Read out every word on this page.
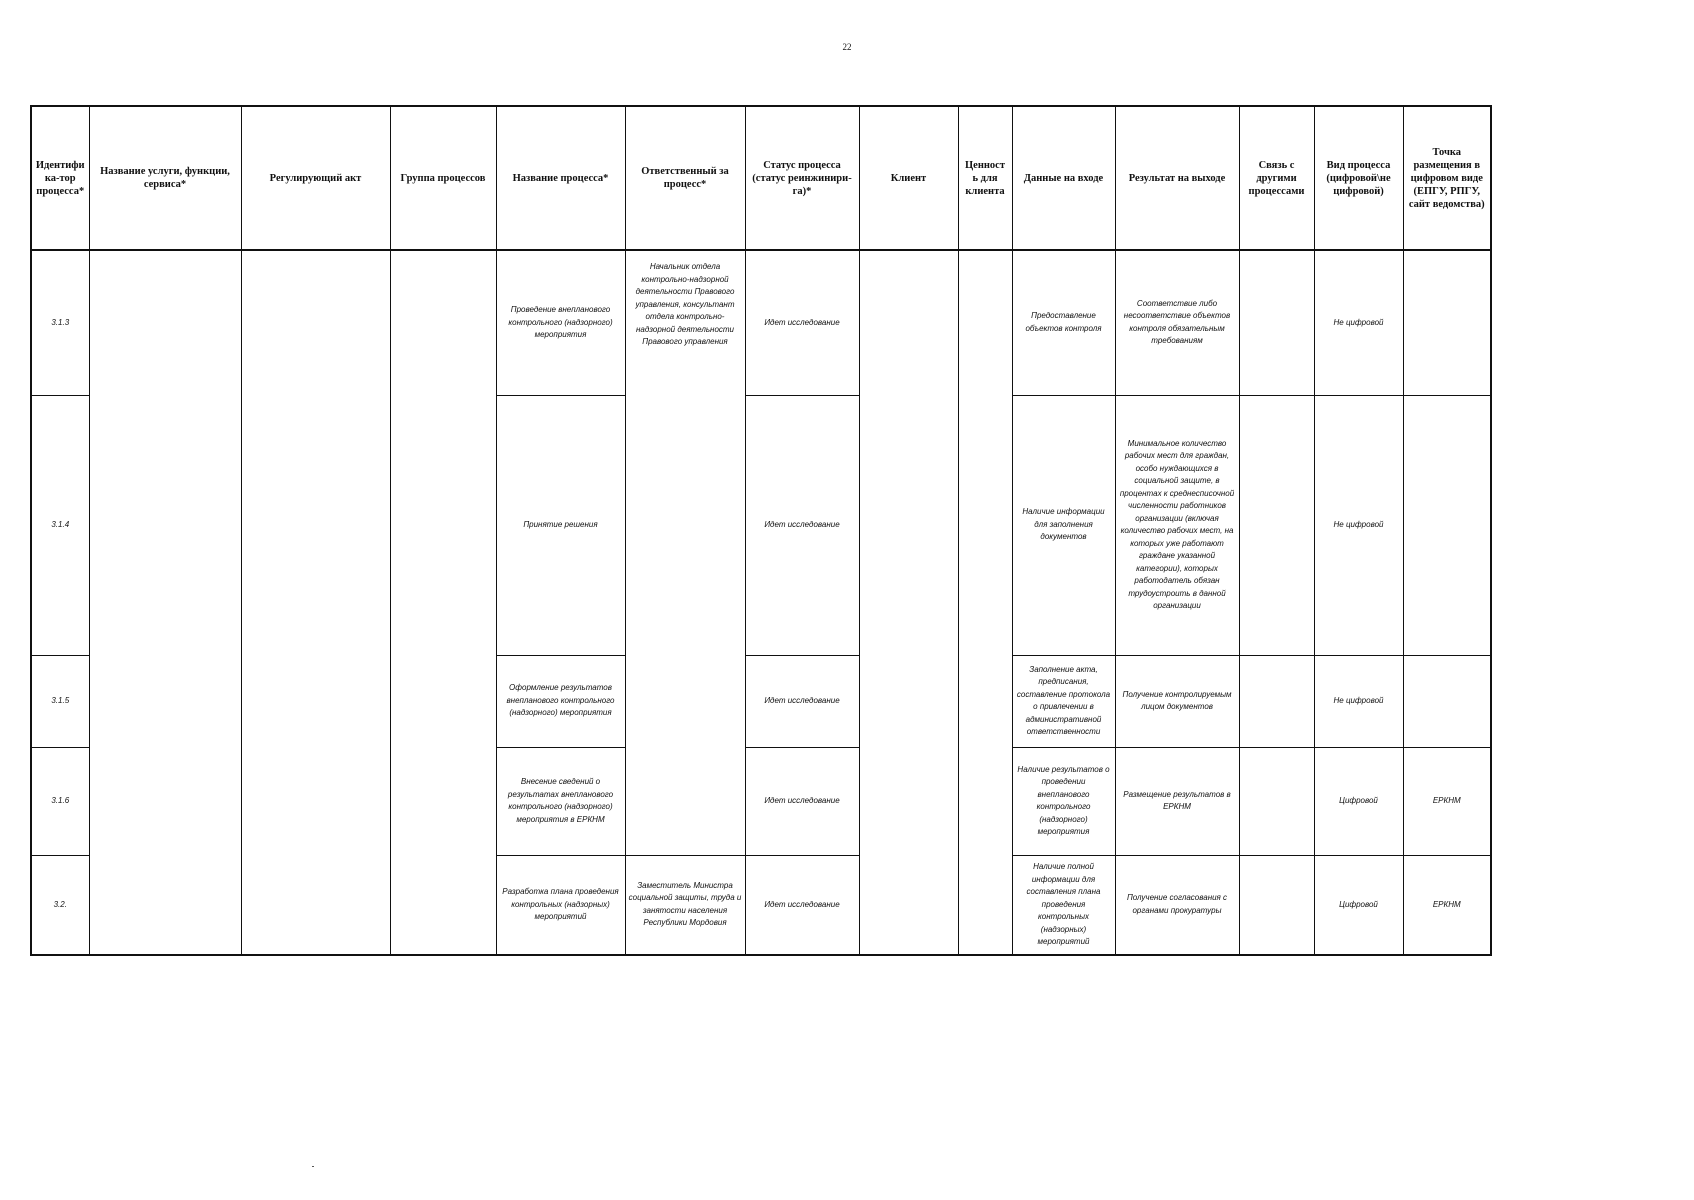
22
Идентифи ка-тор процесса*	Название услуги, функции, сервиса*	Регулирующий акт	Группа процессов	Название процесса*	Ответственный за процесс*	Статус процесса (статус реинжинири-га)*	Клиент	Ценност ь для клиента	Данные на входе	Результат на выходе	Связь с другими процессами	Вид процесса (цифровой\не цифровой)	Точка размещения в цифровом виде (ЕПГУ, РПГУ, сайт ведомства)
3.1.3				Проведение внепланового контрольного (надзорного) мероприятия	Начальник отдела контрольно-надзорной деятельности Правового управления, консультант отдела контрольно-надзорной деятельности Правового управления	Идет исследование			Предоставление объектов контроля	Соответствие либо несоответствие объектов контроля обязательным требованиям		Не цифровой	
3.1.4				Принятие решения		Идет исследование			Наличие информации для заполнения документов	Минимальное количество рабочих мест для граждан, особо нуждающихся в социальной защите, в процентах к среднесписочной численности работников организации (включая количество рабочих мест, на которых уже работают граждане указанной категории), которых работодатель обязан трудоустроить в данной организации		Не цифровой	
3.1.5				Оформление результатов внепланового контрольного (надзорного) мероприятия		Идет исследование			Заполнение акта, предписания, составление протокола о привлечении в административной ответственности	Получение контролируемым лицом документов		Не цифровой	
3.1.6				Внесение сведений о результатах внепланового контрольного (надзорного) мероприятия в ЕРКНМ		Идет исследование			Наличие результатов о проведении внепланового контрольного (надзорного) мероприятия	Размещение результатов в ЕРКНМ		Цифровой	ЕРКНМ
3.2.				Разработка плана проведения контрольных (надзорных) мероприятий	Заместитель Министра социальной защиты, труда и занятости населения Республики Мордовия	Идет исследование			Наличие полной информации для составления плана проведения контрольных (надзорных) мероприятий	Получение согласования с органами прокуратуры		Цифровой	ЕРКНМ
